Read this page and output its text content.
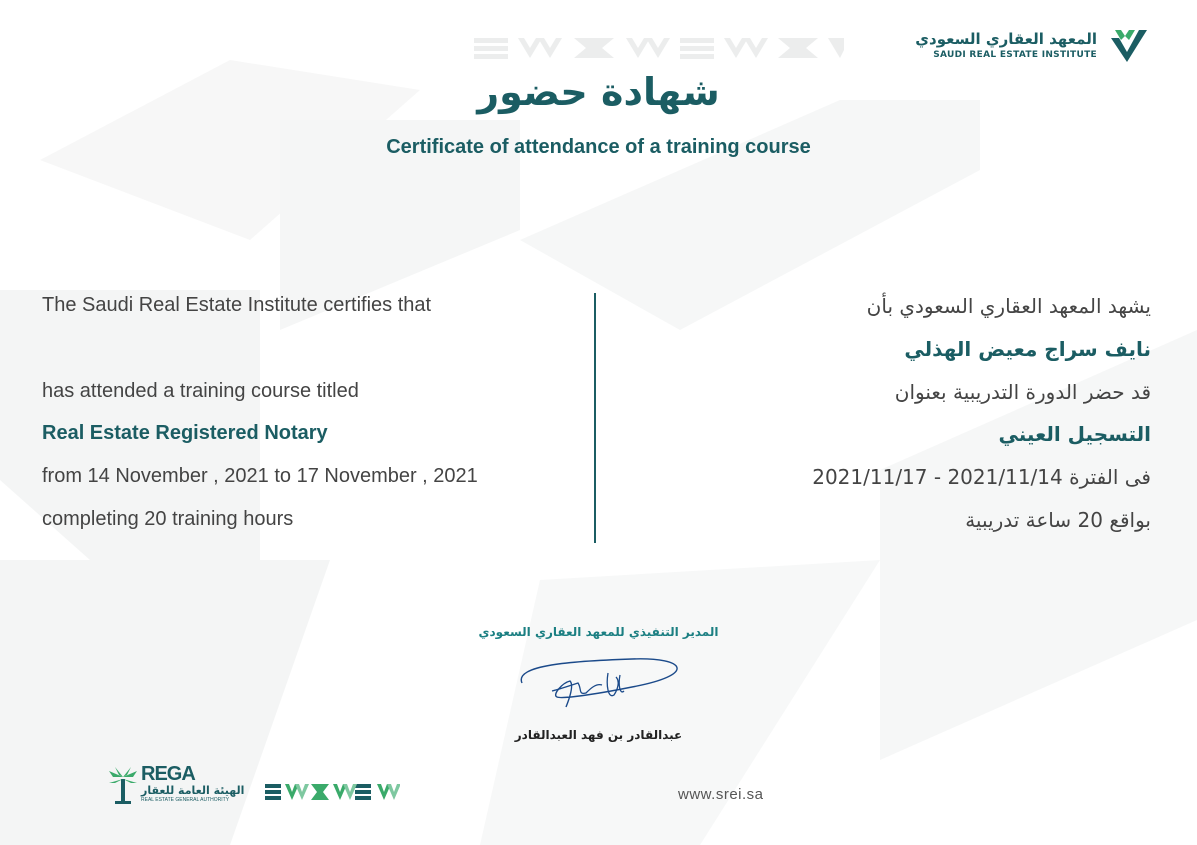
المعهد العقاري السعودي
SAUDI REAL ESTATE INSTITUTE
شهادة حضور
Certificate of attendance of a training course
The Saudi Real Estate Institute certifies that
has attended a training course titled
Real Estate Registered Notary
from 14 November , 2021 to 17 November , 2021
completing 20 training hours
يشهد المعهد العقاري السعودي بأن
نايف سراج معيض الهذلي
قد حضر الدورة التدريبية بعنوان
التسجيل العيني
فى الفترة 2021/11/14 - 2021/11/17
بواقع 20 ساعة تدريبية
المدير التنفيذي للمعهد العقاري السعودي
عبدالقادر بن فهد العبدالقادر
REGA
الهيئة العامة للعقار
REAL ESTATE GENERAL AUTHORITY	www.srei.sa
